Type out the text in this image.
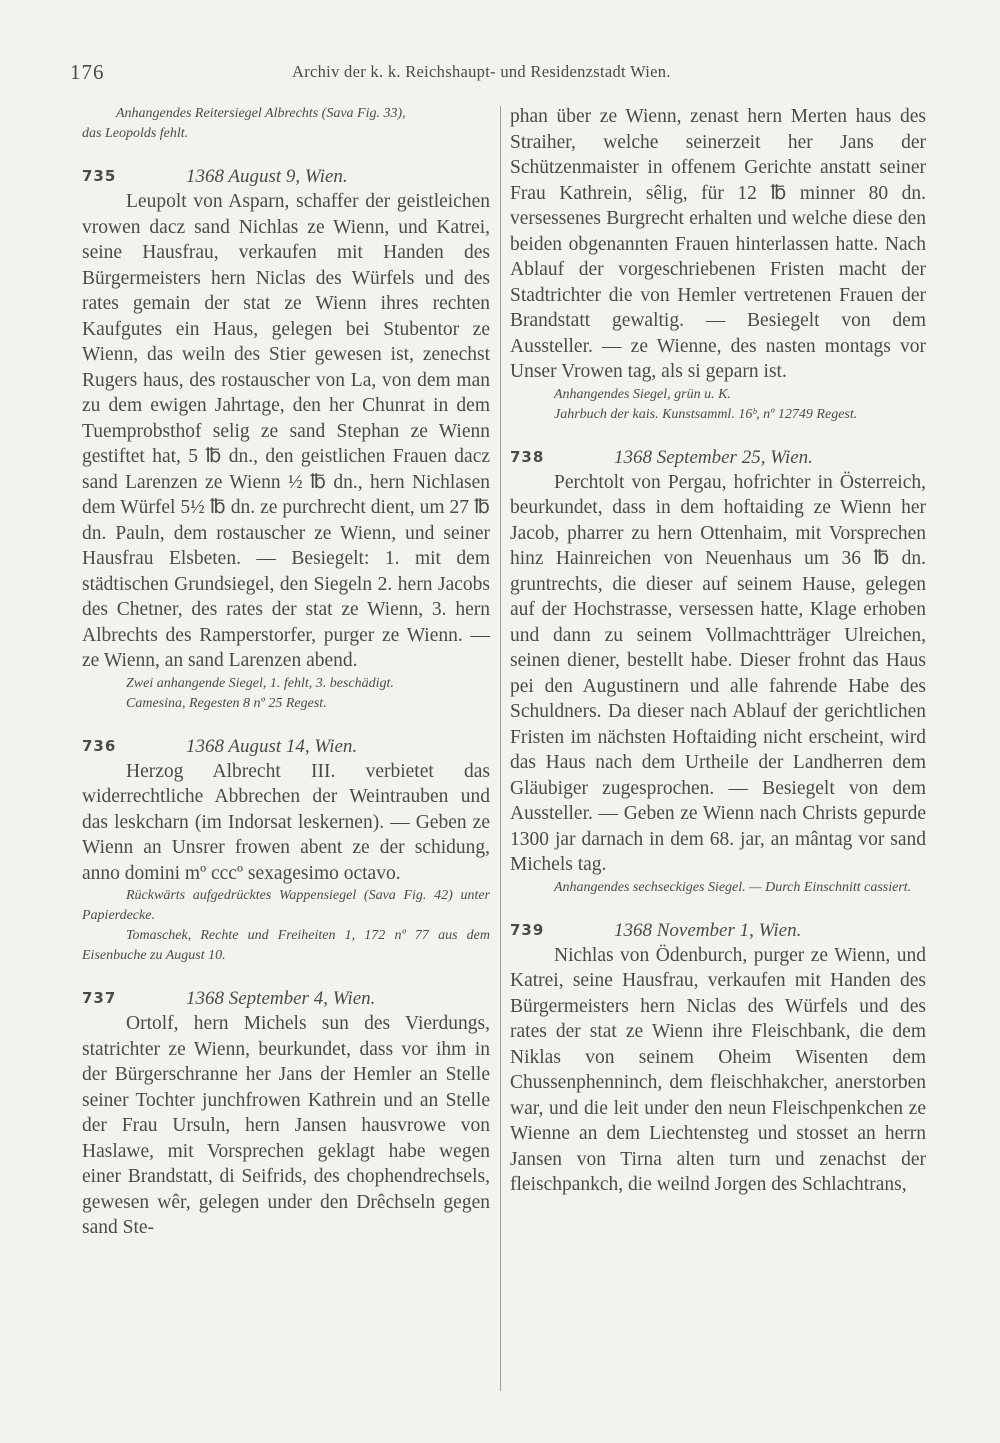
176	Archiv der k. k. Reichshaupt- und Residenzstadt Wien.

Anhangendes Reitersiegel Albrechts (Sava Fig. 33),

das Leopolds fehlt.

735	1368 August 9, Wien.

Leupolt von Asparn, schaffer der geistleichen vrowen dacz sand Nichlas ze Wienn, und Katrei, seine Hausfrau, verkaufen mit Handen des Bürgermeisters hern Niclas des Würfels und des rates gemain der stat ze Wienn ihres rechten Kaufgutes ein Haus, gelegen bei Stubentor ze Wienn, das weiln des Stier gewesen ist, zenechst Rugers haus, des rostauscher von La, von dem man zu dem ewigen Jahrtage, den her Chunrat in dem Tuemprobsthof selig ze sand Stephan ze Wienn gestiftet hat, 5 ℔ dn., den geistlichen Frauen dacz sand Larenzen ze Wienn ½ ℔ dn., hern Nichlasen dem Würfel 5½ ℔ dn. ze purchrecht dient, um 27 ℔ dn. Pauln, dem rostauscher ze Wienn, und seiner Hausfrau Elsbeten. — Besiegelt: 1. mit dem städtischen Grundsiegel, den Siegeln 2. hern Jacobs des Chetner, des rates der stat ze Wienn, 3. hern Albrechts des Ramperstorfer, purger ze Wienn. — ze Wienn, an sand Larenzen abend.

Zwei anhangende Siegel, 1. fehlt, 3. beschädigt.

Camesina, Regesten 8 nº 25 Regest.

736	1368 August 14, Wien.

Herzog Albrecht III. verbietet das widerrechtliche Abbrechen der Weintrauben und das leskcharn (im Indorsat leskernen). — Geben ze Wienn an Unsrer frowen abent ze der schidung, anno domini mº cccº sexagesimo octavo.

Rückwärts aufgedrücktes Wappensiegel (Sava Fig. 42) unter Papierdecke.

Tomaschek, Rechte und Freiheiten 1, 172 nº 77 aus dem Eisenbuche zu August 10.

737	1368 September 4, Wien.

Ortolf, hern Michels sun des Vierdungs, statrichter ze Wienn, beurkundet, dass vor ihm in der Bürgerschranne her Jans der Hemler an Stelle seiner Tochter junchfrowen Kathrein und an Stelle der Frau Ursuln, hern Jansen hausvrowe von Haslawe, mit Vorsprechen geklagt habe wegen einer Brandstatt, di Seifrids, des chophendrechsels, gewesen wêr, gelegen under den Drêchseln gegen sand Ste-

phan über ze Wienn, zenast hern Merten haus des Straiher, welche seinerzeit her Jans der Schützenmaister in offenem Gerichte anstatt seiner Frau Kathrein, sêlig, für 12 ℔ minner 80 dn. versessenes Burgrecht erhalten und welche diese den beiden obgenannten Frauen hinterlassen hatte. Nach Ablauf der vorgeschriebenen Fristen macht der Stadtrichter die von Hemler vertretenen Frauen der Brandstatt gewaltig. — Besiegelt von dem Aussteller. — ze Wienne, des nasten montags vor Unser Vrowen tag, als si geparn ist.

Anhangendes Siegel, grün u. K.

Jahrbuch der kais. Kunstsamml. 16ᵇ, nº 12749 Regest.

738	1368 September 25, Wien.

Perchtolt von Pergau, hofrichter in Österreich, beurkundet, dass in dem hoftaiding ze Wienn her Jacob, pharrer zu hern Ottenhaim, mit Vorsprechen hinz Hainreichen von Neuenhaus um 36 ℔ dn. gruntrechts, die dieser auf seinem Hause, gelegen auf der Hochstrasse, versessen hatte, Klage erhoben und dann zu seinem Vollmachtträger Ulreichen, seinen diener, bestellt habe. Dieser frohnt das Haus pei den Augustinern und alle fahrende Habe des Schuldners. Da dieser nach Ablauf der gerichtlichen Fristen im nächsten Hoftaiding nicht erscheint, wird das Haus nach dem Urtheile der Landherren dem Gläubiger zugesprochen. — Besiegelt von dem Aussteller. — Geben ze Wienn nach Christs gepurde 1300 jar darnach in dem 68. jar, an mântag vor sand Michels tag.

Anhangendes sechseckiges Siegel. — Durch Einschnitt cassiert.

739	1368 November 1, Wien.

Nichlas von Ödenburch, purger ze Wienn, und Katrei, seine Hausfrau, verkaufen mit Handen des Bürgermeisters hern Niclas des Würfels und des rates der stat ze Wienn ihre Fleischbank, die dem Niklas von seinem Oheim Wisenten dem Chussenphenninch, dem fleischhakcher, anerstorben war, und die leit under den neun Fleischpenkchen ze Wienne an dem Liechtensteg und stosset an herrn Jansen von Tirna alten turn und zenachst der fleischpankch, die weilnd Jorgen des Schlachtrans,
